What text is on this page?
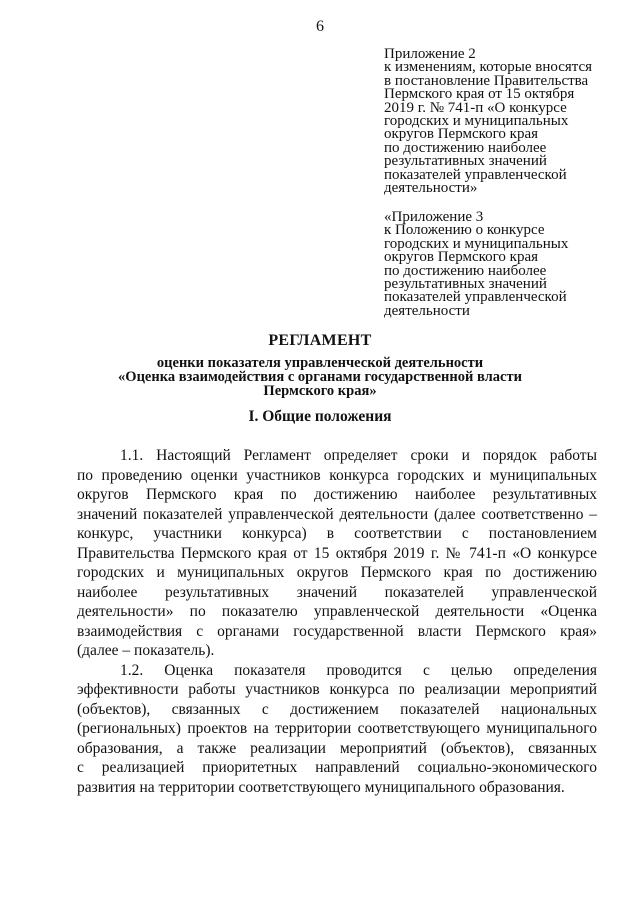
6
Приложение 2
к изменениям, которые вносятся
в постановление Правительства
Пермского края от 15 октября
2019 г. № 741-п «О конкурсе
городских и муниципальных
округов Пермского края
по достижению наиболее
результативных значений
показателей управленческой
деятельности»
«Приложение 3
к Положению о конкурсе
городских и муниципальных
округов Пермского края
по достижению наиболее
результативных значений
показателей управленческой
деятельности
РЕГЛАМЕНТ
оценки показателя управленческой деятельности
«Оценка взаимодействия с органами государственной власти
Пермского края»
I. Общие положения
1.1. Настоящий Регламент определяет сроки и порядок работы
по проведению оценки участников конкурса городских и муниципальных
округов Пермского края по достижению наиболее результативных
значений показателей управленческой деятельности (далее соответственно –
конкурс, участники конкурса) в соответствии с постановлением
Правительства Пермского края от 15 октября 2019 г. № 741-п «О конкурсе
городских и муниципальных округов Пермского края по достижению
наиболее результативных значений показателей управленческой
деятельности» по показателю управленческой деятельности «Оценка
взаимодействия с органами государственной власти Пермского края»
(далее – показатель).
1.2. Оценка показателя проводится с целью определения
эффективности работы участников конкурса по реализации мероприятий
(объектов), связанных с достижением показателей национальных
(региональных) проектов на территории соответствующего муниципального
образования, а также реализации мероприятий (объектов), связанных
с реализацией приоритетных направлений социально-экономического
развития на территории соответствующего муниципального образования.
